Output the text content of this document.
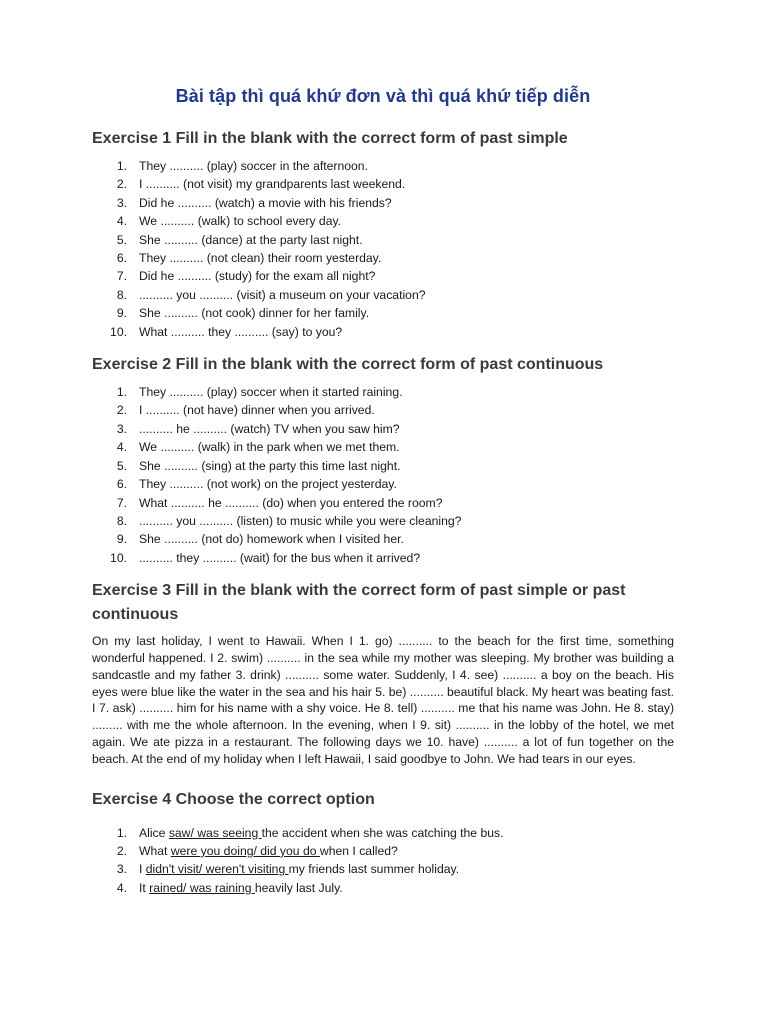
Bài tập thì quá khứ đơn và thì quá khứ tiếp diễn
Exercise 1 Fill in the blank with the correct form of past simple
1. They .......... (play) soccer in the afternoon.
2. I .......... (not visit) my grandparents last weekend.
3. Did he .......... (watch) a movie with his friends?
4. We .......... (walk) to school every day.
5. She .......... (dance) at the party last night.
6. They .......... (not clean) their room yesterday.
7. Did he .......... (study) for the exam all night?
8. .......... you .......... (visit) a museum on your vacation?
9. She .......... (not cook) dinner for her family.
10. What .......... they .......... (say) to you?
Exercise 2 Fill in the blank with the correct form of past continuous
1. They .......... (play) soccer when it started raining.
2. I .......... (not have) dinner when you arrived.
3. .......... he .......... (watch) TV when you saw him?
4. We .......... (walk) in the park when we met them.
5. She .......... (sing) at the party this time last night.
6. They .......... (not work) on the project yesterday.
7. What .......... he .......... (do) when you entered the room?
8. .......... you .......... (listen) to music while you were cleaning?
9. She .......... (not do) homework when I visited her.
10. .......... they .......... (wait) for the bus when it arrived?
Exercise 3 Fill in the blank with the correct form of past simple or past continuous

On my last holiday, I went to Hawaii. When I 1. go) .......... to the beach for the first time, something wonderful happened. I 2. swim) .......... in the sea while my mother was sleeping. My brother was building a sandcastle and my father 3. drink) .......... some water. Suddenly, I 4. see) .......... a boy on the beach. His eyes were blue like the water in the sea and his hair 5. be) .......... beautiful black. My heart was beating fast. I 7. ask) .......... him for his name with a shy voice. He 8. tell) .......... me that his name was John. He 8. stay) ......... with me the whole afternoon. In the evening, when I 9. sit) .......... in the lobby of the hotel, we met again. We ate pizza in a restaurant. The following days we 10. have) .......... a lot of fun together on the beach. At the end of my holiday when I left Hawaii, I said goodbye to John. We had tears in our eyes.

Exercise 4 Choose the correct option
1. Alice saw/ was seeing the accident when she was catching the bus.
2. What were you doing/ did you do when I called?
3. I didn't visit/ weren't visiting my friends last summer holiday.
4. It rained/ was raining heavily last July.
